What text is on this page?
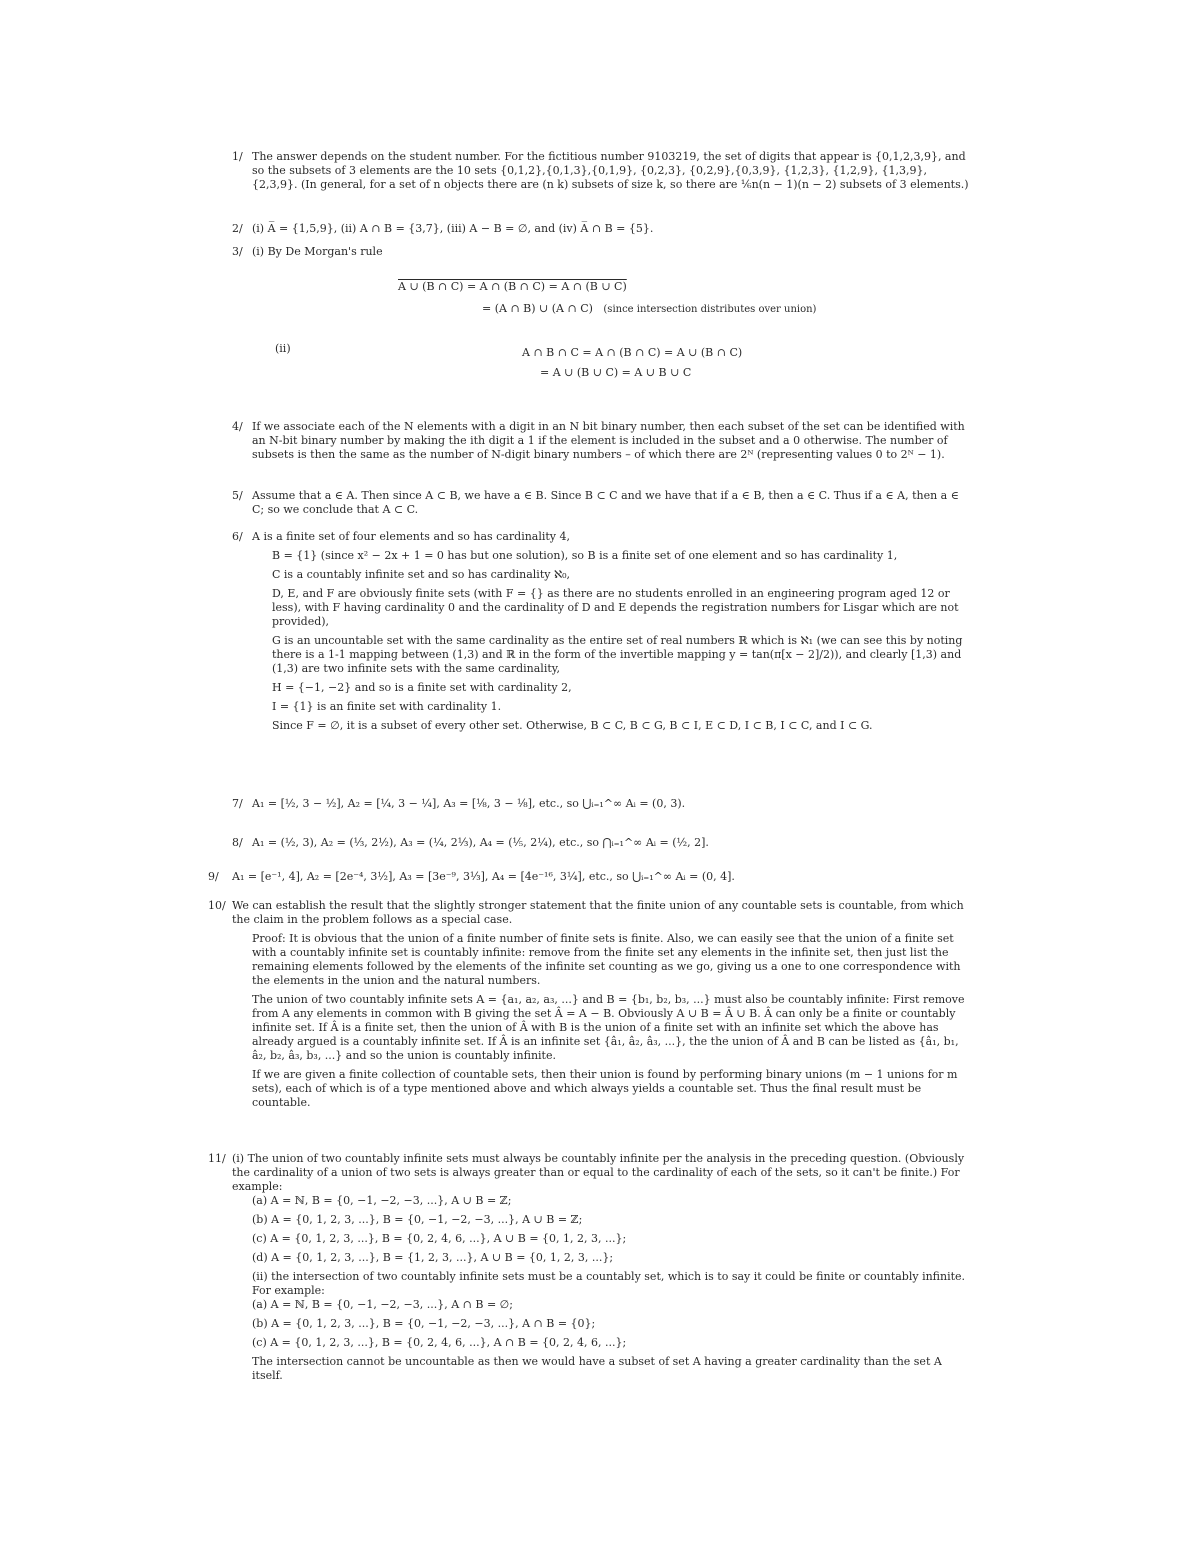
1/ The answer depends on the student number. For the fictitious number 9103219, the set of digits that appear is {0,1,2,3,9}, and so the subsets of 3 elements are the 10 sets {0,1,2},{0,1,3},{0,1,9}, {0,2,3}, {0,2,9},{0,3,9}, {1,2,3}, {1,2,9}, {1,3,9}, {2,3,9}. (In general, for a set of n objects there are (n k) subsets of size k, so there are ⅙n(n − 1)(n − 2) subsets of 3 elements.)

2/ (i) A̅ = {1,5,9}, (ii) A ∩ B = {3,7}, (iii) A − B = ∅, and (iv) A̅ ∩ B = {5}.

3/ (i) By De Morgan's rule

A ∪ (B ∩ C) = A ∩ (B ∩ C) = A ∩ (B ∪ C)
= (A ∩ B) ∪ (A ∩ C) (since intersection distributes over union)
(ii)	A ∩ B ∩ C = A ∩ (B ∩ C) = A ∪ (B ∩ C)
= A ∪ (B ∪ C) = A ∪ B ∪ C
4/ If we associate each of the N elements with a digit in an N bit binary number, then each subset of the set can be identified with an N-bit binary number by making the ith digit a 1 if the element is included in the subset and a 0 otherwise. The number of subsets is then the same as the number of N-digit binary numbers – of which there are 2ᴺ (representing values 0 to 2ᴺ − 1).

5/ Assume that a ∈ A. Then since A ⊂ B, we have a ∈ B. Since B ⊂ C and we have that if a ∈ B, then a ∈ C. Thus if a ∈ A, then a ∈ C; so we conclude that A ⊂ C.

6/ A is a finite set of four elements and so has cardinality 4,

B = {1} (since x² − 2x + 1 = 0 has but one solution), so B is a finite set of one element and so has cardinality 1,

C is a countably infinite set and so has cardinality ℵ₀,

D, E, and F are obviously finite sets (with F = {} as there are no students enrolled in an engineering program aged 12 or less), with F having cardinality 0 and the cardinality of D and E depends the registration numbers for Lisgar which are not provided),

G is an uncountable set with the same cardinality as the entire set of real numbers ℝ which is ℵ₁ (we can see this by noting there is a 1-1 mapping between (1,3) and ℝ in the form of the invertible mapping y = tan(π[x − 2]/2)), and clearly [1,3) and (1,3) are two infinite sets with the same cardinality,

H = {−1, −2} and so is a finite set with cardinality 2,

I = {1} is an finite set with cardinality 1.

Since F = ∅, it is a subset of every other set. Otherwise, B ⊂ C, B ⊂ G, B ⊂ I, E ⊂ D, I ⊂ B, I ⊂ C, and I ⊂ G.

7/ A₁ = [½, 3 − ½], A₂ = [¼, 3 − ¼], A₃ = [⅛, 3 − ⅛], etc., so ⋃ᵢ₌₁^∞ Aᵢ = (0, 3).

8/ A₁ = (½, 3), A₂ = (⅓, 2½), A₃ = (¼, 2⅓), A₄ = (⅕, 2¼), etc., so ⋂ᵢ₌₁^∞ Aᵢ = (½, 2].

9/ A₁ = [e⁻¹, 4], A₂ = [2e⁻⁴, 3½], A₃ = [3e⁻⁹, 3⅓], A₄ = [4e⁻¹⁶, 3¼], etc., so ⋃ᵢ₌₁^∞ Aᵢ = (0, 4].

10/ We can establish the result that the slightly stronger statement that the finite union of any countable sets is countable, from which the claim in the problem follows as a special case.

Proof: It is obvious that the union of a finite number of finite sets is finite. Also, we can easily see that the union of a finite set with a countably infinite set is countably infinite: remove from the finite set any elements in the infinite set, then just list the remaining elements followed by the elements of the infinite set counting as we go, giving us a one to one correspondence with the elements in the union and the natural numbers.

The union of two countably infinite sets A = {a₁, a₂, a₃, ...} and B = {b₁, b₂, b₃, ...} must also be countably infinite: First remove from A any elements in common with B giving the set Â = A − B. Obviously A ∪ B = Â ∪ B. Â can only be a finite or countably infinite set. If Â is a finite set, then the union of Â with B is the union of a finite set with an infinite set which the above has already argued is a countably infinite set. If Â is an infinite set {â₁, â₂, â₃, ...}, the the union of Â and B can be listed as {â₁, b₁, â₂, b₂, â₃, b₃, ...} and so the union is countably infinite.

If we are given a finite collection of countable sets, then their union is found by performing binary unions (m − 1 unions for m sets), each of which is of a type mentioned above and which always yields a countable set. Thus the final result must be countable.

11/ (i) The union of two countably infinite sets must always be countably infinite per the analysis in the preceding question. (Obviously the cardinality of a union of two sets is always greater than or equal to the cardinality of each of the sets, so it can't be finite.) For example:

(a) A = ℕ, B = {0, −1, −2, −3, ...}, A ∪ B = ℤ;

(b) A = {0, 1, 2, 3, ...}, B = {0, −1, −2, −3, ...}, A ∪ B = ℤ;

(c) A = {0, 1, 2, 3, ...}, B = {0, 2, 4, 6, ...}, A ∪ B = {0, 1, 2, 3, ...};

(d) A = {0, 1, 2, 3, ...}, B = {1, 2, 3, ...}, A ∪ B = {0, 1, 2, 3, ...};

(ii) the intersection of two countably infinite sets must be a countably set, which is to say it could be finite or countably infinite. For example:

(a) A = ℕ, B = {0, −1, −2, −3, ...}, A ∩ B = ∅;

(b) A = {0, 1, 2, 3, ...}, B = {0, −1, −2, −3, ...}, A ∩ B = {0};

(c) A = {0, 1, 2, 3, ...}, B = {0, 2, 4, 6, ...}, A ∩ B = {0, 2, 4, 6, ...};

The intersection cannot be uncountable as then we would have a subset of set A having a greater cardinality than the set A itself.
